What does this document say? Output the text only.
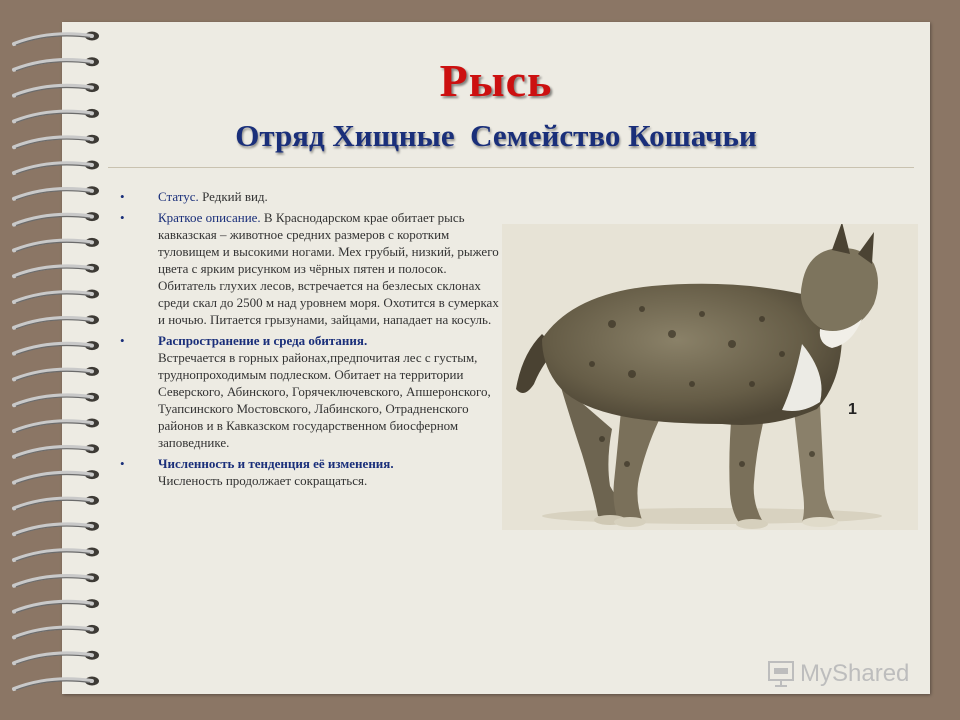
Рысь
Отряд Хищные  Семейство Кошачьи
• Статус. Редкий вид.
• Краткое описание. В Краснодарском крае обитает рысь кавказская – животное средних размеров с коротким туловищем и высокими ногами. Мех грубый, низкий, рыжего цвета с ярким рисунком из чёрных пятен и полосок. Обитатель глухих лесов, встречается на безлесых склонах среди скал до 2500 м над уровнем моря. Охотится в сумерках и ночью. Питается грызунами, зайцами, нападает на косуль.
• Распространение и среда обитания.
Встречается в горных районах,предпочитая лес с густым, труднопроходимым подлеском. Обитает на территории Северского, Абинского, Горячеключевского, Апшеронского, Туапсинского Мостовского, Лабинского, Отрадненского районов и в Кавказском государственном биосферном заповеднике.
• Численность и тенденция её изменения.
Численость продолжает сокращаться.
1
MyShared
